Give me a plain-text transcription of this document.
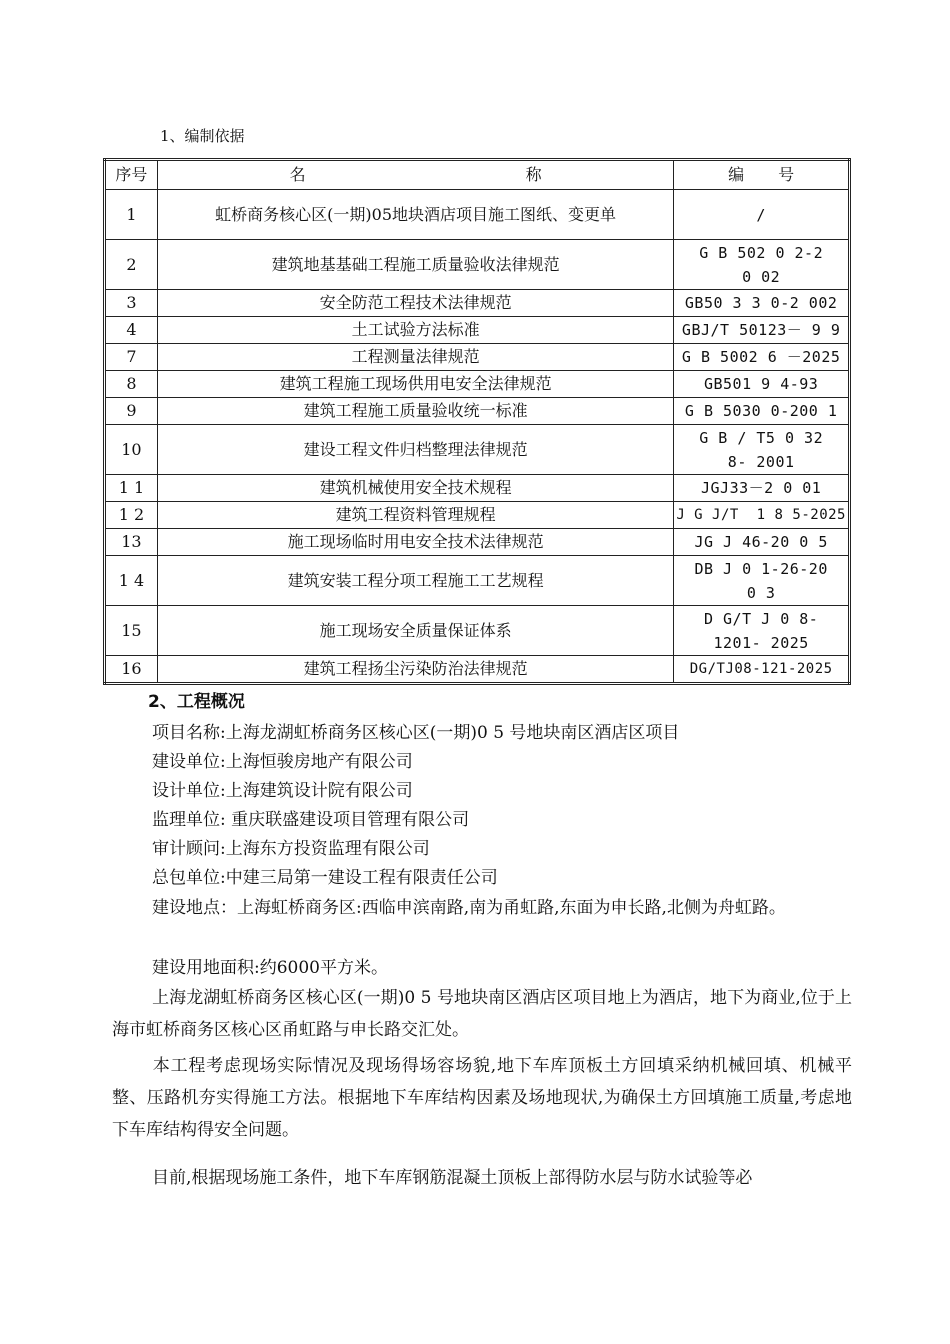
1、编制依据
序号	名 称	编 号
1	虹桥商务核心区(一期)05地块酒店项目施工图纸、变更单	/
2	建筑地基基础工程施工质量验收法律规范	G B 502 0 2-2 0 02
3	安全防范工程技术法律规范	GB50 3 3 0-2 002
4	土工试验方法标准	GBJ/T 50123－ 9 9
7	工程测量法律规范	G B 5002 6 －2025
8	建筑工程施工现场供用电安全法律规范	GB501 9 4-93
9	建筑工程施工质量验收统一标准	G B 5030 0-200 1
10	建设工程文件归档整理法律规范	G B / T5 0 32 8- 2001
1 1	建筑机械使用安全技术规程	JGJ33－2 0 01
1 2	建筑工程资料管理规程	J G J/T  1 8 5-2025
13	施工现场临时用电安全技术法律规范	JG J 46-20 0 5
1 4	建筑安装工程分项工程施工工艺规程	DB J 0 1-26-20 0 3
15	施工现场安全质量保证体系	D G/T J 0 8-1201- 2025
16	建筑工程扬尘污染防治法律规范	DG/TJ08-121-2025
2、工程概况
项目名称:上海龙湖虹桥商务区核心区(一期)0 5 号地块南区酒店区项目
建设单位:上海恒骏房地产有限公司
设计单位:上海建筑设计院有限公司
监理单位: 重庆联盛建设项目管理有限公司
审计顾问:上海东方投资监理有限公司
总包单位:中建三局第一建设工程有限责任公司
建设地点：上海虹桥商务区:西临申滨南路,南为甬虹路,东面为申长路,北侧为舟虹路。
建设用地面积:约6000平方米。
上海龙湖虹桥商务区核心区(一期)0 5 号地块南区酒店区项目地上为酒店，地下为商业,位于上海市虹桥商务区核心区甬虹路与申长路交汇处。
本工程考虑现场实际情况及现场得场容场貌,地下车库顶板土方回填采纳机械回填、机械平整、压路机夯实得施工方法。根据地下车库结构因素及场地现状,为确保土方回填施工质量,考虑地下车库结构得安全问题。
目前,根据现场施工条件，地下车库钢筋混凝土顶板上部得防水层与防水试验等必
